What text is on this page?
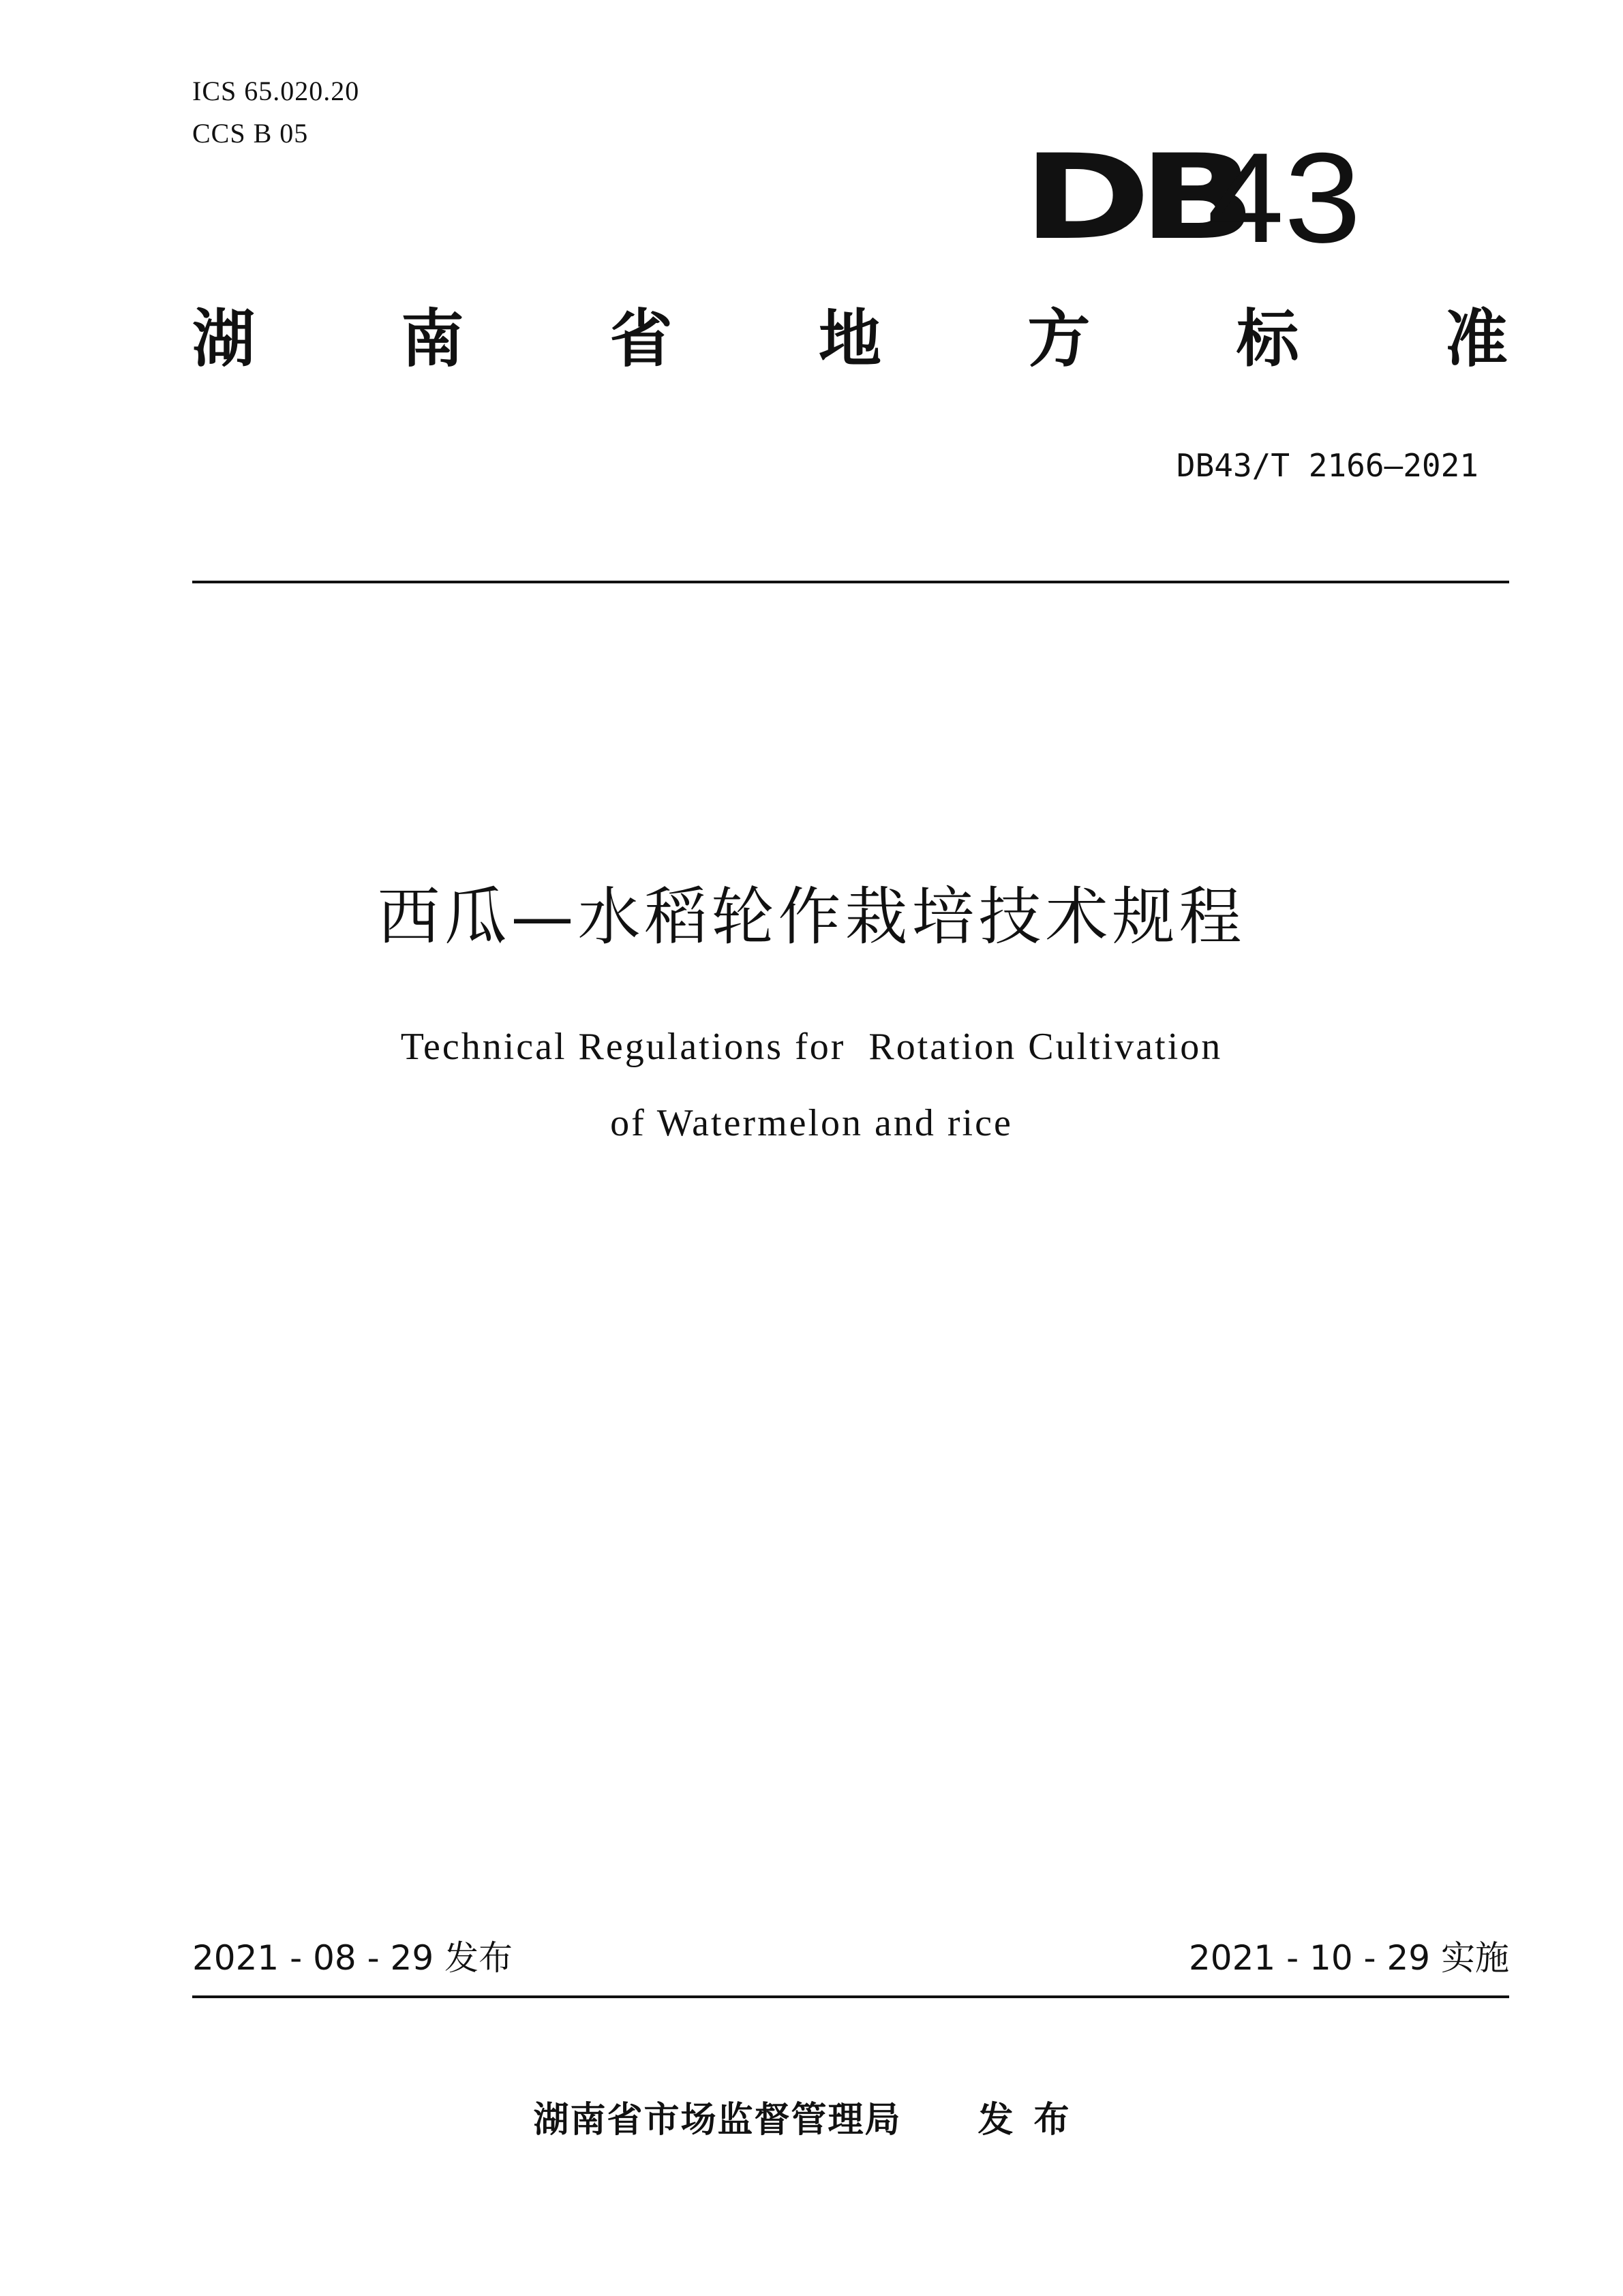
ICS 65.020.20
CCS B 05	DB
43
湖 南 省 地 方 标 准
DB43/T 2166—2021
西瓜—水稻轮作栽培技术规程
Technical Regulations for  Rotation Cultivation
of Watermelon and rice
2021 - 08 - 29 发布	2021 - 10 - 29 实施
湖南省市场监督管理局 发布
